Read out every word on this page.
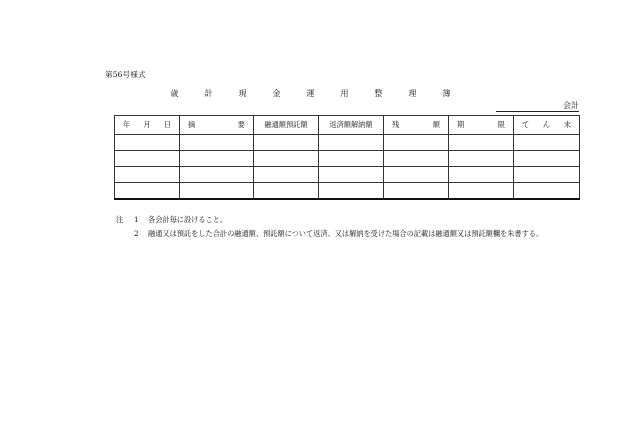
第56号様式
歳　計　現　金　運　用　整　理　簿
会計
年 月 日	摘 要	融通額預託額	返済額解納額	残 額	期 限	て ん 末

注	1	各会計毎に設けること。
2	融通又は預託をした合計の融通額、預託額について返済、又は解納を受けた場合の記載は融通額又は預託額欄を朱書する。
